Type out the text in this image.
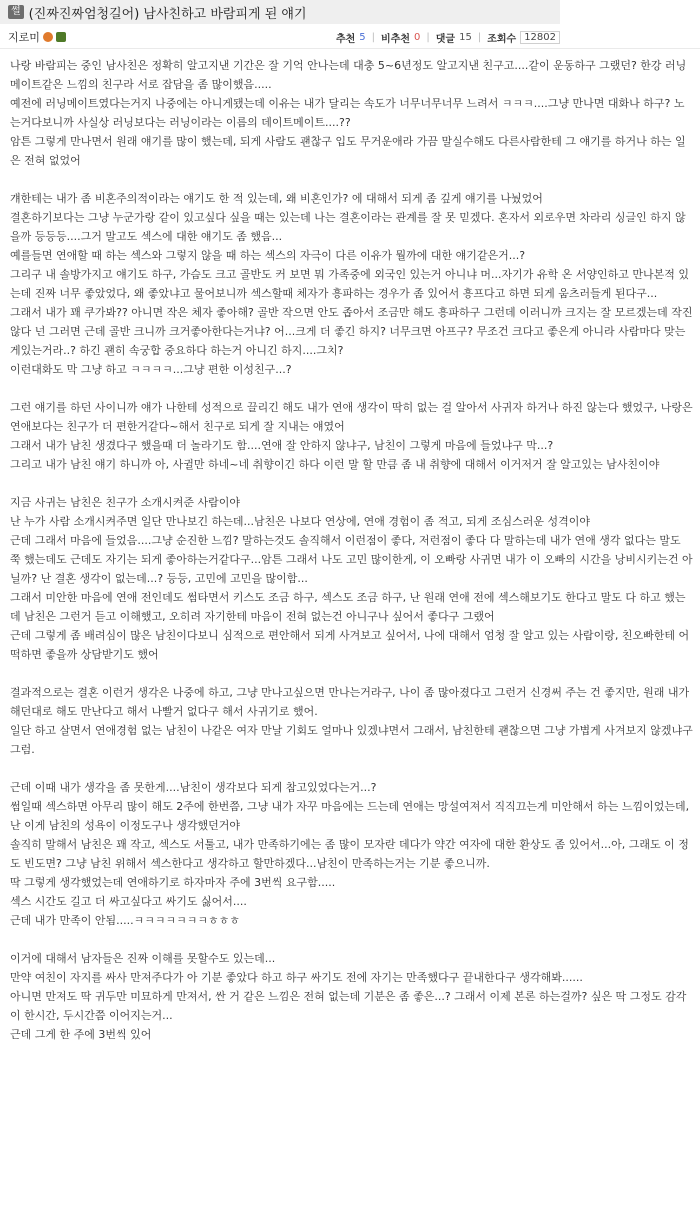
썰 (진짜진짜엄청길어) 남사친하고 바람피게 된 얘기
지로미	추천 5 | 비추천 0 | 댓글 15 | 조회수 12802

나랑 바람피는 중인 남사친은 정확히 알고지낸 기간은 잘 기억 안나는데 대충 5~6년정도 알고지낸 친구고....같이 운동하구 그랬던? 한강 러닝메이트같은 느낌의 친구라 서로 잡담을 좀 많이했음.....

예전에 러닝메이트였다는거지 나중에는 아니게됐는데 이유는 내가 달리는 속도가 너무너무너무 느려서 ㅋㅋㅋ....그냥 만나면 대화나 하구? 노는거다보니까 사실상 러닝보다는 러닝이라는 이름의 데이트메이트....??

암튼 그렇게 만나면서 원래 얘기를 많이 했는데, 되게 사람도 괜찮구 입도 무거운애라 가끔 말실수해도 다른사람한테 그 얘기를 하거나 하는 일은 전혀 없었어

걔한테는 내가 좀 비혼주의적이라는 얘기도 한 적 있는데, 왜 비혼인가? 에 대해서 되게 좀 깊게 얘기를 나눴었어

결혼하기보다는 그냥 누군가랑 같이 있고싶다 싶을 때는 있는데 나는 결혼이라는 관계를 잘 못 믿겠다. 혼자서 외로우면 차라리 싱글인 하지 않을까 등등등....그거 말고도 섹스에 대한 얘기도 좀 했음...

예를들면 연애할 때 하는 섹스와 그렇지 않을 때 하는 섹스의 자극이 다른 이유가 뭘까에 대한 얘기같은거...?

그리구 내 솔방가지고 얘기도 하구, 가슴도 크고 골반도 커 보면 뭐 가족중에 외국인 있는거 아니냐 머...자기가 유학 온 서양인하고 만나본적 있는데 진짜 너무 좋았었다, 왜 좋았냐고 물어보니까 섹스할때 체자가 흥파하는 경우가 좀 있어서 흥프다고 하면 되게 움츠러들게 된다구...

그래서 내가 꽤 쿠가봐?? 아니면 작은 체자 좋아해? 골반 작으면 안도 좁아서 조금만 해도 흥파하구 그런데 이러니까 크지는 잘 모르겠는데 작진 않다 넌 그러면 근데 골반 크니까 크거좋아한다는거냐? 어...크게 더 좋긴 하지? 너무크면 아프구? 무조건 크다고 좋은게 아니라 사람마다 맞는게있는거라..? 하긴 괜히 속궁합 중요하다 하는거 아니긴 하지....그치?

이런대화도 막 그냥 하고 ㅋㅋㅋㅋ...그냥 편한 이성친구...?

그런 얘기를 하던 사이니까 얘가 나한테 성적으로 끌리긴 해도 내가 연애 생각이 딱히 없는 걸 알아서 사귀자 하거나 하진 않는다 했었구, 나랑은 연애보다는 친구가 더 편한거같다~해서 친구로 되게 잘 지내는 얘였어

그래서 내가 남친 생겼다구 했을때 더 놀라기도 함....연애 잘 안하지 않냐구, 남친이 그렇게 마음에 들었냐구 막...?

그리고 내가 남친 얘기 하니까 아, 사귈만 하네~네 취향이긴 하다 이런 말 할 만큼 좀 내 취향에 대해서 이거저거 잘 알고있는 남사친이야

지금 사귀는 남친은 친구가 소개시켜준 사람이야

난 누가 사람 소개시켜주면 일단 만나보긴 하는데...남친은 나보다 연상에, 연애 경험이 좀 적고, 되게 조심스러운 성격이야

근데 그래서 마음에 들었음....그냥 순진한 느낌? 말하는것도 솔직해서 이런점이 좋다, 저런점이 좋다 다 말하는데 내가 연애 생각 없다는 말도 쭉 했는데도 근데도 자기는 되게 좋아하는거같다구...암튼 그래서 나도 고민 많이한게, 이 오빠랑 사귀면 내가 이 오빠의 시간을 낭비시키는건 아닐까? 난 결혼 생각이 없는데...? 등등, 고민에 고민을 많이함...

그래서 미안한 마음에 연애 전인데도 썸타면서 키스도 조금 하구, 섹스도 조금 하구, 난 원래 연애 전에 섹스해보기도 한다고 말도 다 하고 했는데 남친은 그런거 듣고 이해했고, 오히려 자기한테 마음이 전혀 없는건 아니구나 싶어서 좋다구 그랬어

근데 그렇게 좀 배려심이 많은 남친이다보니 심적으로 편안해서 되게 사겨보고 싶어서, 나에 대해서 엄청 잘 알고 있는 사람이랑, 친오빠한테 어떡하면 좋을까 상담받기도 했어

결과적으로는 결혼 이런거 생각은 나중에 하고, 그냥 만나고싶으면 만나는거라구, 나이 좀 많아졌다고 그런거 신경써 주는 건 좋지만, 원래 내가 해던대로 해도 만난다고 해서 나빨거 없다구 해서 사귀기로 했어.

일단 하고 살면서 연애경험 없는 남친이 나같은 여자 만날 기회도 얼마나 있겠냐면서 그래서, 남친한테 괜찮으면 그냥 가볍게 사겨보지 않겠냐구 그럼.

근데 이때 내가 생각을 좀 못한게....남친이 생각보다 되게 참고있었다는거...?

썸일때 섹스하면 아무리 많이 해도 2주에 한번쯤, 그냥 내가 자꾸 마음에는 드는데 연애는 망설여져서 직직끄는게 미안해서 하는 느낌이었는데, 난 이게 남친의 성욕이 이정도구나 생각했던거야

솔직히 말해서 남친은 꽤 작고, 섹스도 서툴고, 내가 만족하기에는 좀 많이 모자란 데다가 약간 여자에 대한 환상도 좀 있어서...아, 그래도 이 정도 빈도면? 그냥 남친 위해서 섹스한다고 생각하고 할만하겠다...남친이 만족하는거는 기분 좋으니까.

딱 그렇게 생각했었는데 연애하기로 하자마자 주에 3번씩 요구함.....

섹스 시간도 길고 더 싸고싶다고 싸기도 싫어서....

근데 내가 만족이 안됨.....ㅋㅋㅋㅋㅋㅋㅋㅎㅎㅎ

이거에 대해서 남자들은 진짜 이해를 못할수도 있는데...

만약 여친이 자지를 싸사 만져주다가 아 기분 좋았다 하고 하구 싸기도 전에 자기는 만족했다구 끝내한다구 생각해봐......

아니면 만져도 딱 귀두만 미묘하게 만져서, 싼 거 같은 느낌은 전혀 없는데 기분은 좀 좋은...? 그래서 이제 본론 하는걸까? 싶은 딱 그정도 감각이 한시간, 두시간쯤 이어지는거...

근데 그게 한 주에 3번씩 있어
